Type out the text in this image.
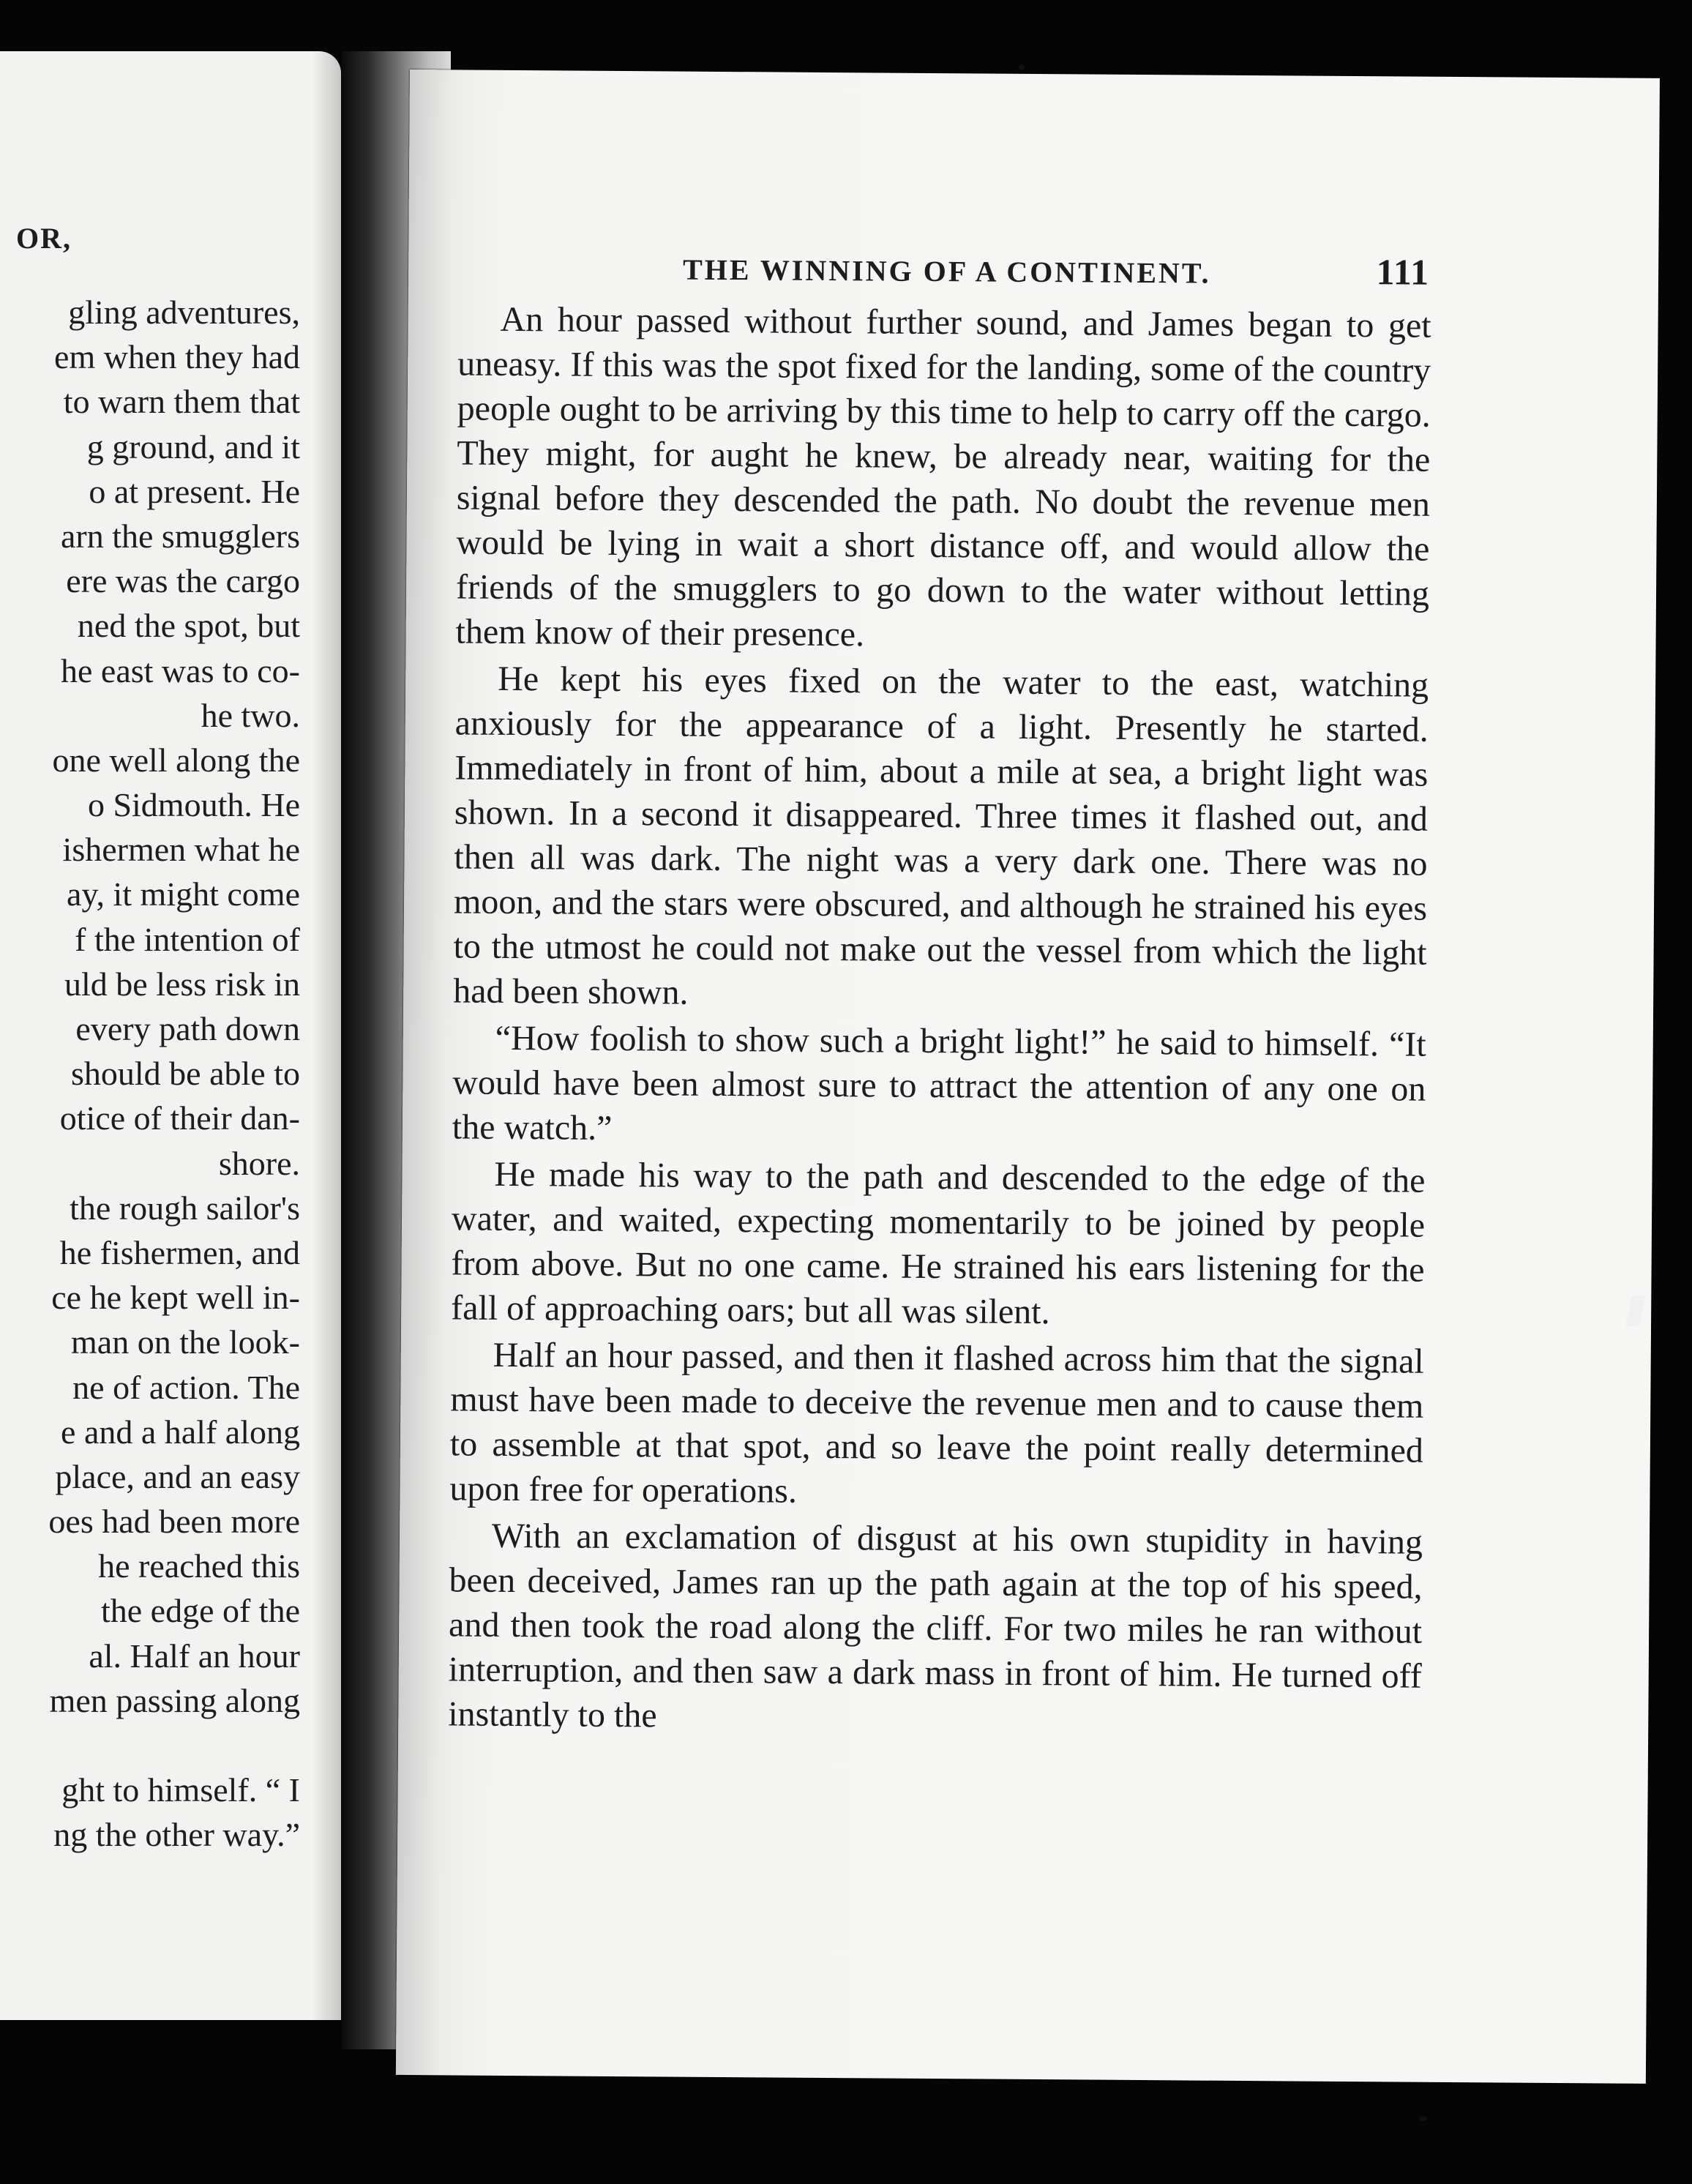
OR,
gling adventures,
em when they had
to warn them that
g ground, and it
o at present. He
arn the smugglers
ere was the cargo
ned the spot, but
he east was to co-
he two.
one well along the
o Sidmouth. He
ishermen what he
ay, it might come
f the intention of
uld be less risk in
every path down
should be able to
otice of their dan-
shore.
the rough sailor's
he fishermen, and
ce he kept well in-
man on the look-
ne of action. The
e and a half along
place, and an easy
oes had been more
he reached this
the edge of the
al. Half an hour
men passing along
ght to himself. “ I
ng the other way.”
THE WINNING OF A CONTINENT.	111

An hour passed without further sound, and James began to get uneasy. If this was the spot fixed for the landing, some of the country people ought to be arriving by this time to help to carry off the cargo. They might, for aught he knew, be already near, waiting for the signal before they descended the path. No doubt the revenue men would be lying in wait a short distance off, and would allow the friends of the smugglers to go down to the water without letting them know of their presence.

He kept his eyes fixed on the water to the east, watching anxiously for the appearance of a light. Presently he started. Immediately in front of him, about a mile at sea, a bright light was shown. In a second it disappeared. Three times it flashed out, and then all was dark. The night was a very dark one. There was no moon, and the stars were obscured, and although he strained his eyes to the utmost he could not make out the vessel from which the light had been shown.

“How foolish to show such a bright light!” he said to himself. “It would have been almost sure to attract the attention of any one on the watch.”

He made his way to the path and descended to the edge of the water, and waited, expecting momentarily to be joined by people from above. But no one came. He strained his ears listening for the fall of approaching oars; but all was silent.

Half an hour passed, and then it flashed across him that the signal must have been made to deceive the revenue men and to cause them to assemble at that spot, and so leave the point really determined upon free for operations.

With an exclamation of disgust at his own stupidity in having been deceived, James ran up the path again at the top of his speed, and then took the road along the cliff. For two miles he ran without interruption, and then saw a dark mass in front of him. He turned off instantly to the
